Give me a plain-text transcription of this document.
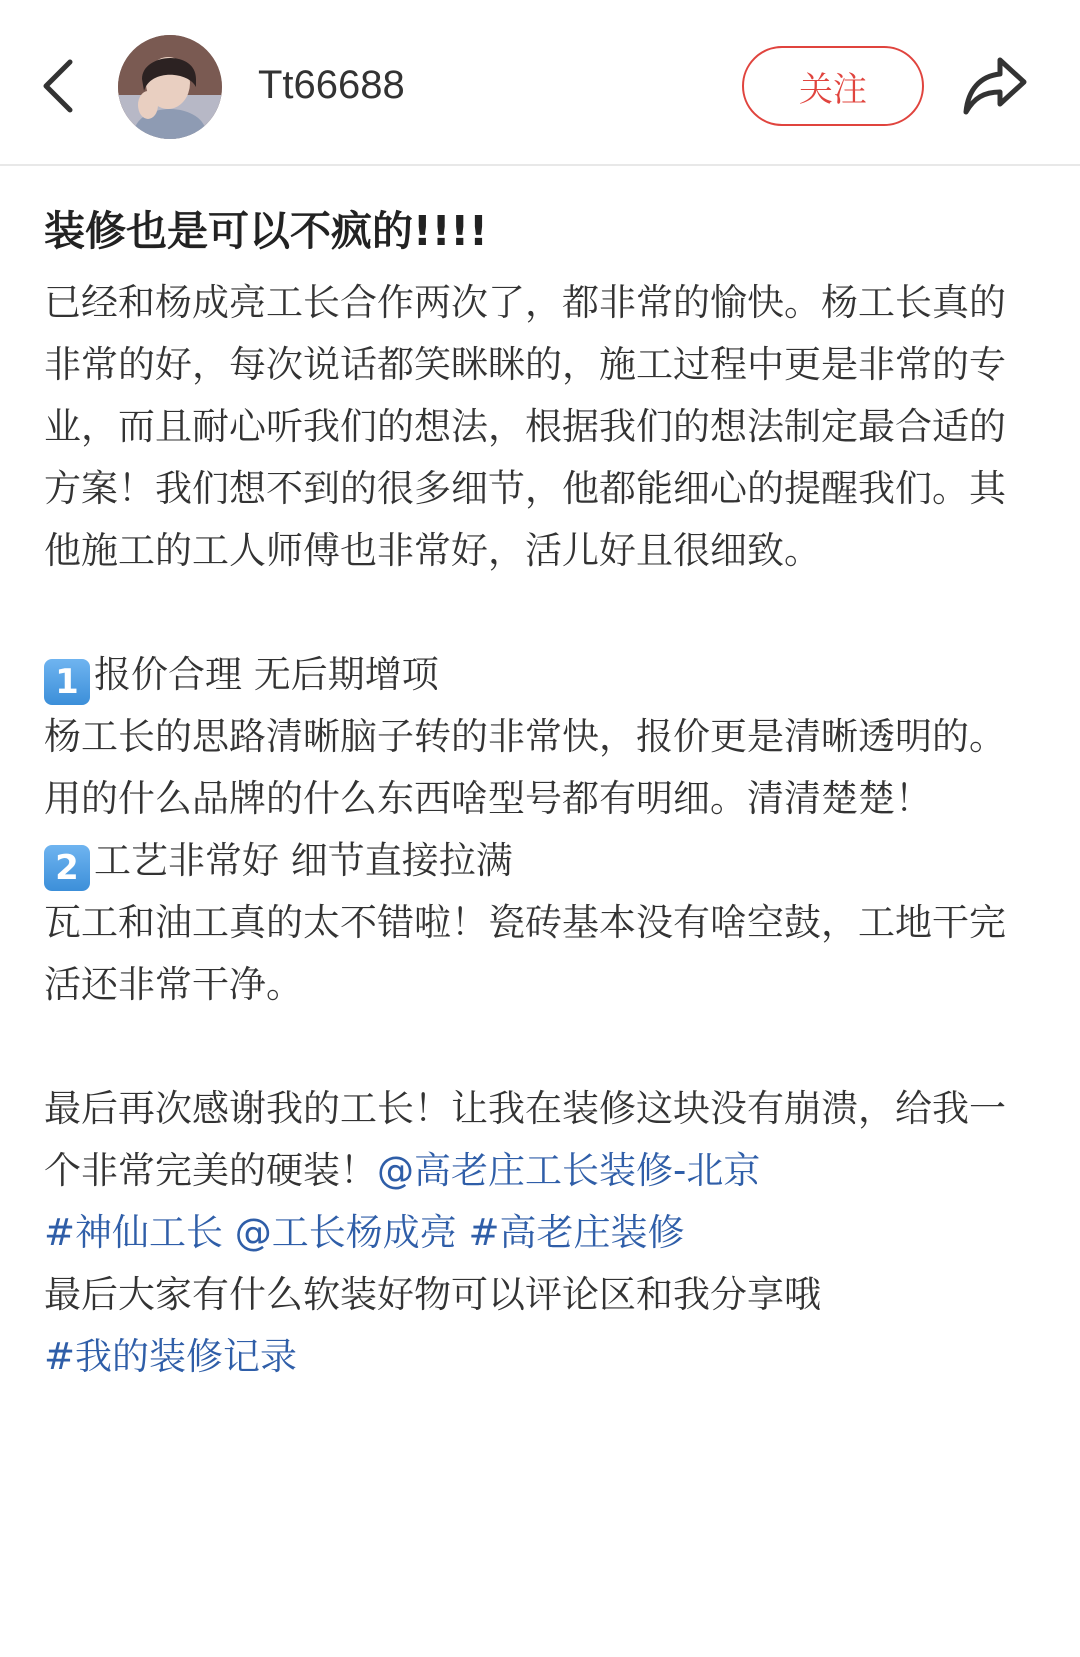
Tt66688	关注
装修也是可以不疯的!!!!

已经和杨成亮工长合作两次了，都非常的愉快。杨工长真的非常的好，每次说话都笑眯眯的，施工过程中更是非常的专业，而且耐心听我们的想法，根据我们的想法制定最合适的方案！我们想不到的很多细节，他都能细心的提醒我们。其他施工的工人师傅也非常好，活儿好且很细致。

1 报价合理 无后期增项

杨工长的思路清晰脑子转的非常快，报价更是清晰透明的。用的什么品牌的什么东西啥型号都有明细。清清楚楚！

2 工艺非常好 细节直接拉满

瓦工和油工真的太不错啦！瓷砖基本没有啥空鼓，工地干完活还非常干净。

最后再次感谢我的工长！让我在装修这块没有崩溃，给我一个非常完美的硬装！@高老庄工长装修-北京

#神仙工长 @工长杨成亮 #高老庄装修

最后大家有什么软装好物可以评论区和我分享哦

#我的装修记录
